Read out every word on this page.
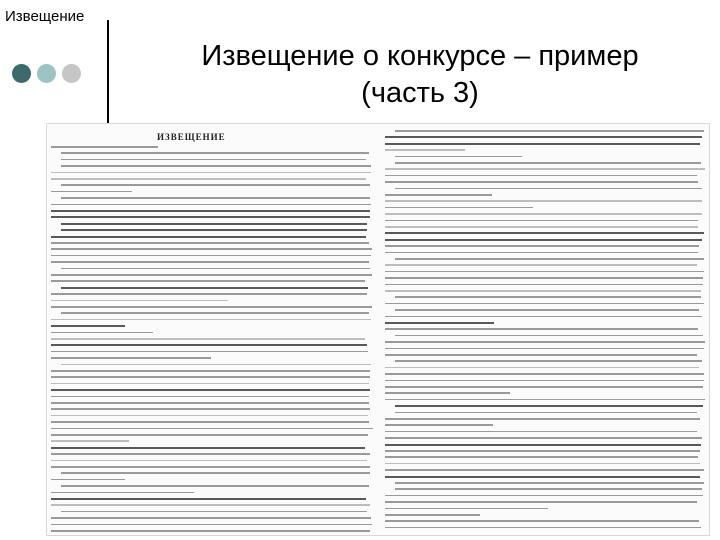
Извещение
Извещение о конкурсе – пример
(часть 3)
ИЗВЕЩЕНИЕ
